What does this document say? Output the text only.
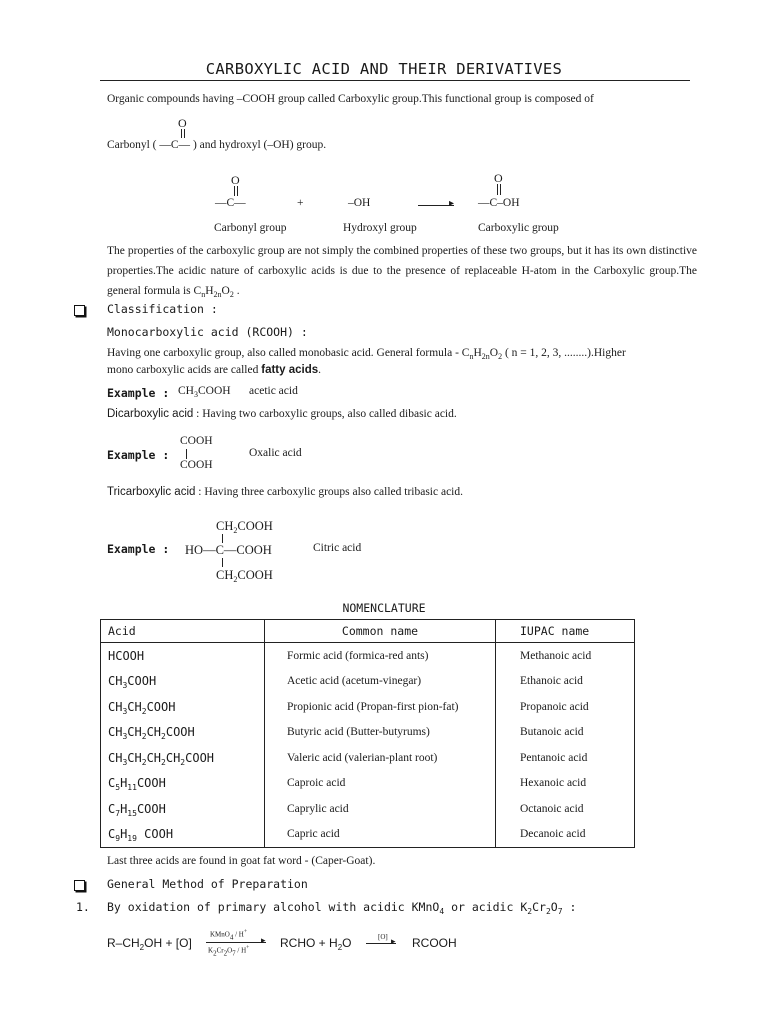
CARBOXYLIC ACID AND THEIR DERIVATIVES
Organic compounds having –COOH group called Carboxylic group.This functional group is composed of
Carbonyl ( —C— ) and hydroxyl (–OH) group.
O
O
—C—	+	–OH	▸
O
—C–OH
Carbonyl group	Hydroxyl group	Carboxylic group
The properties of the carboxylic group are not simply the combined properties of these two groups, but it has its own distinctive properties.The acidic nature of carboxylic acids is due to the presence of replaceable H-atom in the Carboxylic group.The general formula is $C_nH_{2n}O_2$ .
Classification :
Monocarboxylic acid (RCOOH) :
Having one carboxylic group, also called monobasic acid. General formula - $C_nH_{2n}O_2$ ( n = 1, 2, 3, ........).Higher
mono carboxylic acids are called fatty acids.
Example : $CH_3COOH$ acetic acid
Dicarboxylic acid : Having two carboxylic groups, also called dibasic acid.
COOH
COOH
Example :	Oxalic acid
Tricarboxylic acid : Having three carboxylic groups also called tribasic acid.
$CH_2COOH$
HO—C—COOH
$CH_2COOH$
Example :	Citric acid
NOMENCLATURE
Acid	Common name	IUPAC name
HCOOH	Formic acid (formica-red ants)	Methanoic acid
$CH_3COOH$	Acetic acid (acetum-vinegar)	Ethanoic acid
$CH_3CH_2COOH$	Propionic acid (Propan-first pion-fat)	Propanoic acid
$CH_3CH_2CH_2COOH$	Butyric acid (Butter-butyrums)	Butanoic acid
$CH_3CH_2CH_2CH_2COOH$	Valeric acid (valerian-plant root)	Pentanoic acid
$C_5H_{11}COOH$	Caproic acid	Hexanoic acid
$C_7H_{15}COOH$	Caprylic acid	Octanoic acid
$C_9H_{19}$ COOH	Capric acid	Decanoic acid
Last three acids are found in goat fat word - (Caper-Goat).
General Method of Preparation
1. By oxidation of primary alcohol with acidic KMnO$_4$ or acidic $K_2Cr_2O_7$ :
$R-CH_2OH + [O]$
KMnO$_4$ / H+
▸
$K_2Cr_2O_7 / H^+$	RCHO + $H_2O$	[O] ▸ RCOOH
